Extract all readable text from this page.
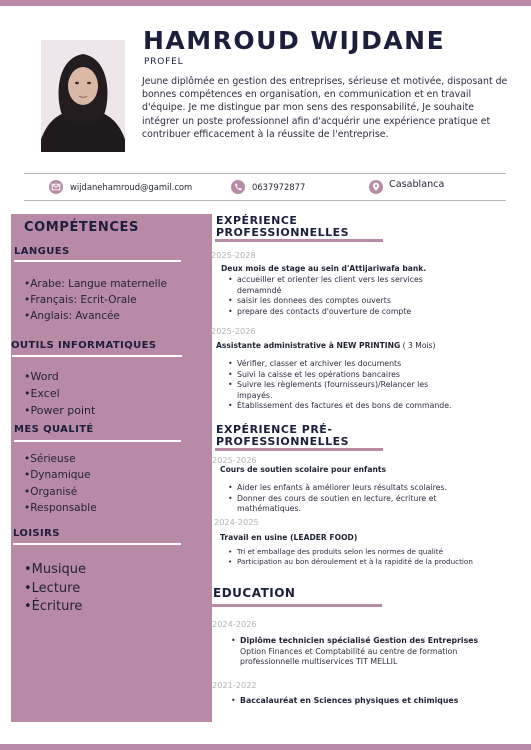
HAMROUD WIJDANE
PROFEL
Jeune diplômée en gestion des entreprises, sérieuse et motivée, disposant de bonnes compétences en organisation, en communication et en travail d'équipe. Je me distingue par mon sens des responsabilité, Je souhaite intégrer un poste professionnel afin d'acquérir une expérience pratique et contribuer efficacement à la réussite de l'entreprise.
wijdanehamroud@gamil.com	0637972877	Casablanca
COMPÉTENCES
LANGUES
• Arabe: Langue maternelle
• Français: Ecrit-Orale
• Anglais: Avancée
OUTILS INFORMATIQUES
• Word
• Excel
• Power point
MES QUALITÉ
• Sérieuse
• Dynamique
• Organisé
• Responsable
LOISIRS
• Musique
• Lecture
• Écriture
EXPÉRIENCE
PROFESSIONNELLES
2025-2028
Deux mois de stage au sein d'Attijariwafa bank.
• accueiller et orienter les client vers les services demamndé
• saisir les donnees des comptes ouverts
• prepare des contacts d'ouverture de compte
2025-2026
Assistante administrative à NEW PRINTING ( 3 Mois)
• Vérifier, classer et archiver les documents
• Suivi la caisse et les opérations bancaires
• Suivre les règlements (fournisseurs)/Relancer les impayés.
• Établissement des factures et des bons de commande.
EXPÉRIENCE PRÉ-
PROFESSIONNELLES
2025-2026
Cours de soutien scolaire pour enfants
• Aider les enfants à améliorer leurs résultats scolaires.
• Donner des cours de soutien en lecture, écriture et mathématiques.
2024-2025
Travail en usine (LEADER FOOD)
• Tri et emballage des produits selon les normes de qualité
• Participation au bon déroulement et à la rapidité de la production
EDUCATION
2024-2026
• Diplôme technicien spécialisé Gestion des Entreprises
Option Finances et Comptabilité au centre de formation professionnelle multiservices TIT MELLIL
2021-2022
• Baccalauréat en Sciences physiques et chimiques
